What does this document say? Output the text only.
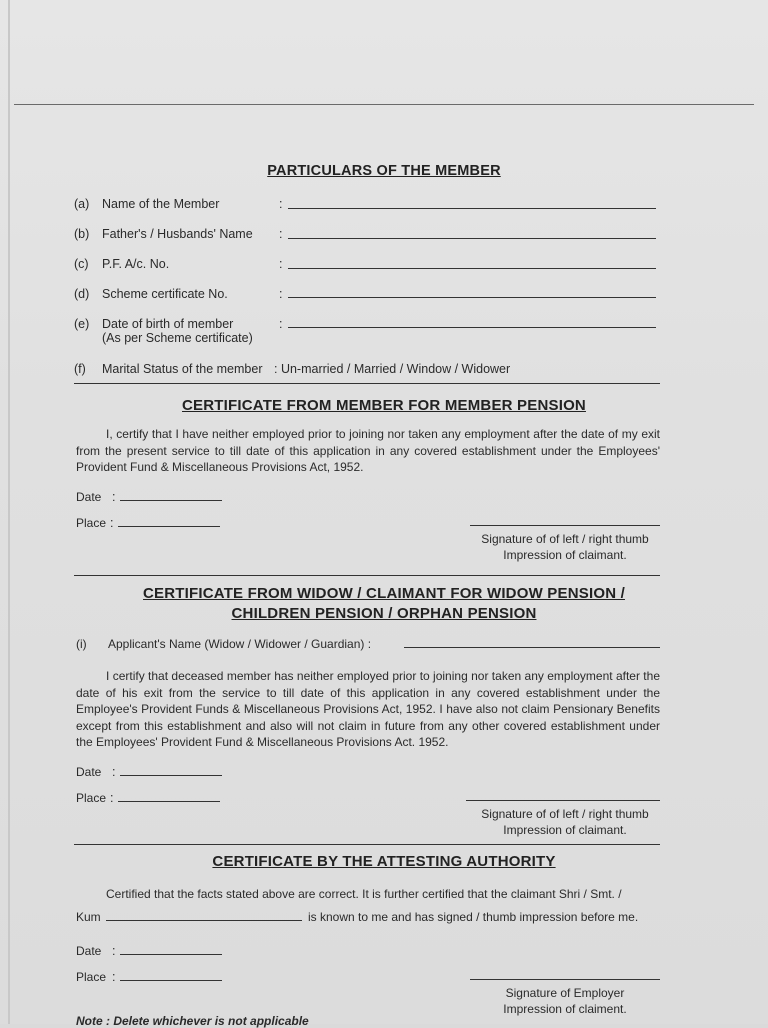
PARTICULARS OF THE MEMBER
(a) Name of the Member	:
(b) Father's / Husbands' Name :
(c) P.F. A/c. No.	:
(d) Scheme certificate No.	:
(e) Date of birth of member
(As per Scheme certificate)
:
(f) Marital Status of the member : Un-married / Married / Window / Widower
CERTIFICATE FROM MEMBER FOR MEMBER PENSION
I, certify that I have neither employed prior to joining nor taken any employment after the date of my exit from the present service to till date of this application in any covered establishment under the Employees' Provident Fund & Miscellaneous Provisions Act, 1952.
Date :
Place :
Signature of of left / right thumb
Impression of claimant.
CERTIFICATE FROM WIDOW / CLAIMANT FOR WIDOW PENSION /
CHILDREN PENSION / ORPHAN PENSION
(i) Applicant's Name (Widow / Widower / Guardian) :
I certify that deceased member has neither employed prior to joining nor taken any employment after the date of his exit from the service to till date of this application in any covered establishment under the Employee's Provident Funds & Miscellaneous Provisions Act, 1952. I have also not claim Pensionary Benefits except from this establishment and also will not claim in future from any other covered establishment under the Employees' Provident Fund & Miscellaneous Provisions Act. 1952.
Date :
Place :
Signature of of left / right thumb
Impression of claimant.
CERTIFICATE BY THE ATTESTING AUTHORITY
Certified that the facts stated above are correct. It is further certified that the claimant Shri / Smt. /
Kum	is known to me and has signed / thumb impression before me.
Date :
Place :
Signature of Employer
Impression of claiment.
Note : Delete whichever is not applicable
